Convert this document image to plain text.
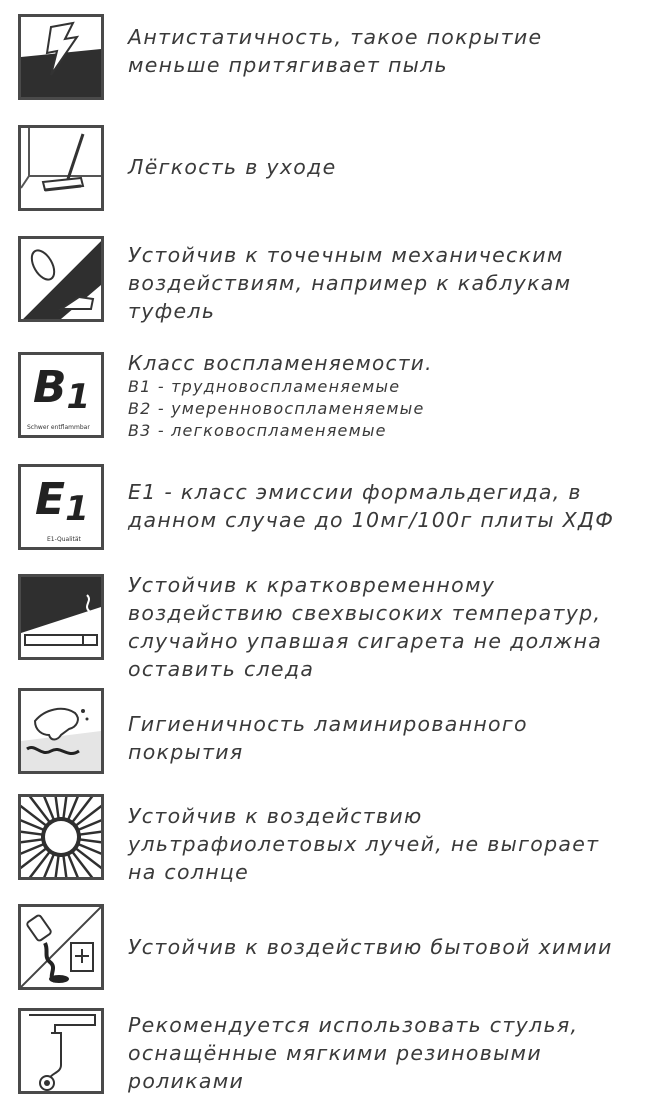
Антистатичность, такое покрытие
меньше притягивает пыль
Лёгкость в уходе
Устойчив к точечным механическим
воздействиям, например к каблукам
туфель
B1
Schwer entflammbar
Класс воспламеняемости.
B1 - трудновоспламеняемые
B2 - умеренновоспламеняемые
B3 - легковоспламеняемые
E1
E1-Qualität
E1 - класс эмиссии формальдегида, в
данном случае до 10мг/100г плиты ХДФ
Устойчив к кратковременному
воздействию свехвысоких температур,
случайно упавшая сигарета не должна
оставить следа
Гигиеничность ламинированного
покрытия
Устойчив к воздействию
ультрафиолетовых лучей, не выгорает
на солнце
Устойчив к воздействию бытовой химии
Рекомендуется использовать стулья,
оснащённые мягкими резиновыми
роликами
